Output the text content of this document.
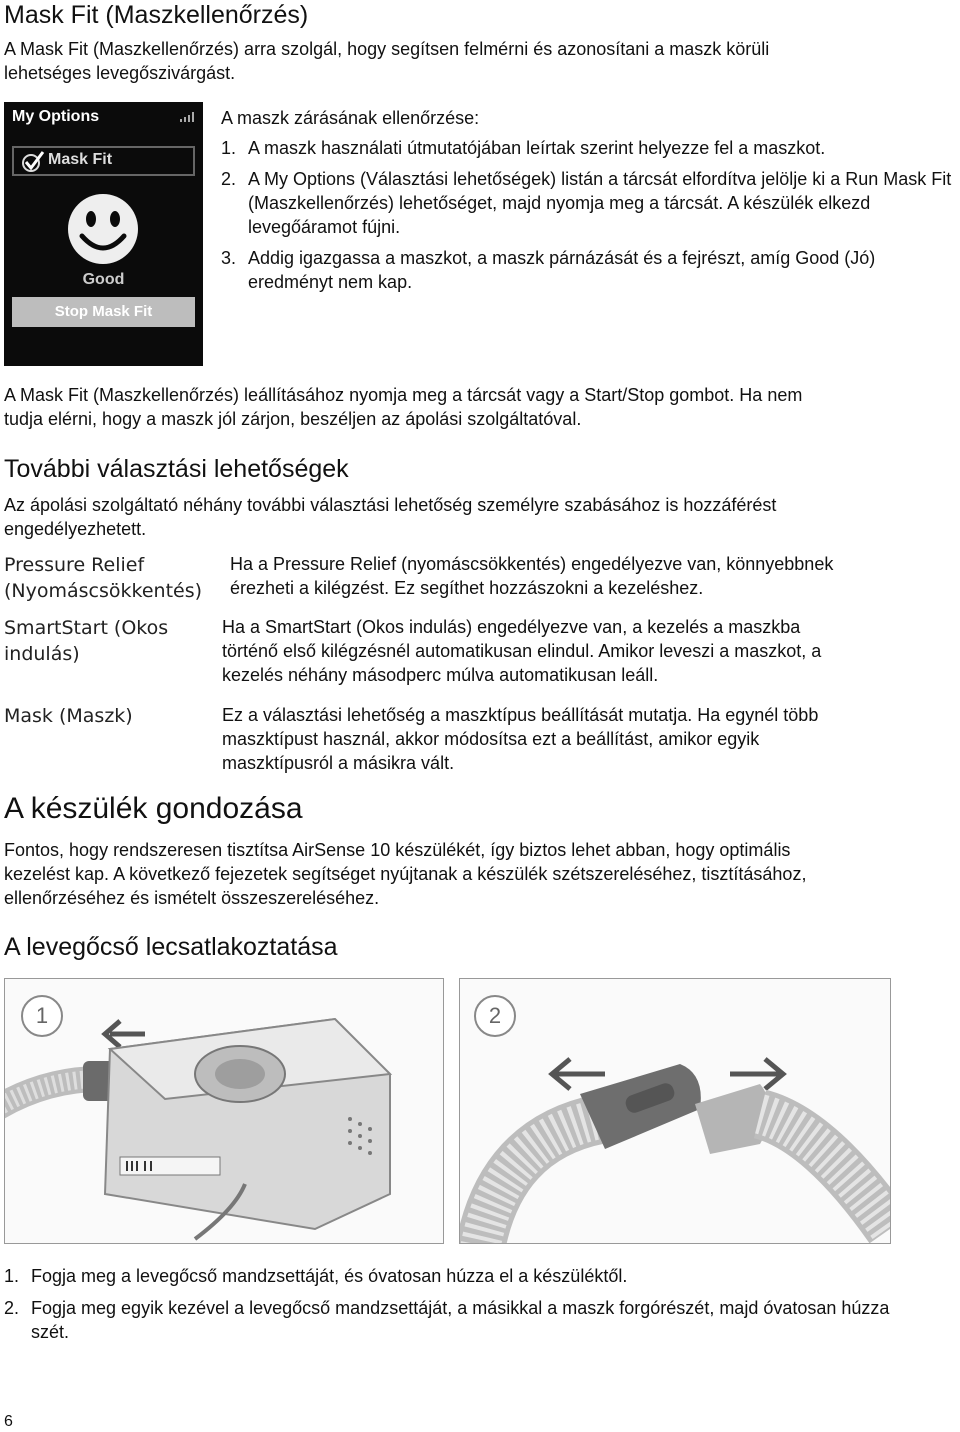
Mask Fit (Maszkellenőrzés)
A Mask Fit (Maszkellenőrzés) arra szolgál, hogy segítsen felmérni és azonosítani a maszk körüli
lehetséges levegőszivárgást.
My Options
Mask Fit
Good
Stop Mask Fit
A maszk zárásának ellenőrzése:
1. A maszk használati útmutatójában leírtak szerint helyezze fel a maszkot.
2. A My Options (Választási lehetőségek) listán a tárcsát elfordítva jelölje ki a Run Mask Fit (Maszkellenőrzés) lehetőséget, majd nyomja meg a tárcsát. A készülék elkezd levegőáramot fújni.
3. Addig igazgassa a maszkot, a maszk párnázását és a fejrészt, amíg Good (Jó) eredményt nem kap.
A Mask Fit (Maszkellenőrzés) leállításához nyomja meg a tárcsát vagy a Start/Stop gombot. Ha nem
tudja elérni, hogy a maszk jól zárjon, beszéljen az ápolási szolgáltatóval.
További választási lehetőségek
Az ápolási szolgáltató néhány további választási lehetőség személyre szabásához is hozzáférést
engedélyezhetett.
Pressure Relief
(Nyomáscsökkentés)
Ha a Pressure Relief (nyomáscsökkentés) engedélyezve van, könnyebbnek
érezheti a kilégzést. Ez segíthet hozzászokni a kezeléshez.
SmartStart (Okos
indulás)
Ha a SmartStart (Okos indulás) engedélyezve van, a kezelés a maszkba
történő első kilégzésnél automatikusan elindul. Amikor leveszi a maszkot, a
kezelés néhány másodperc múlva automatikusan leáll.
Mask (Maszk)	Ez a választási lehetőség a maszktípus beállítását mutatja. Ha egynél több
maszktípust használ, akkor módosítsa ezt a beállítást, amikor egyik
maszktípusról a másikra vált.
A készülék gondozása
Fontos, hogy rendszeresen tisztítsa AirSense 10 készülékét, így biztos lehet abban, hogy optimális
kezelést kap. A következő fejezetek segítséget nyújtanak a készülék szétszereléséhez, tisztításához,
ellenőrzéséhez és ismételt összeszereléséhez.
A levegőcső lecsatlakoztatása
1	2
1. Fogja meg a levegőcső mandzsettáját, és óvatosan húzza el a készüléktől.
2. Fogja meg egyik kezével a levegőcső mandzsettáját, a másikkal a maszk forgórészét, majd óvatosan húzza szét.
6
